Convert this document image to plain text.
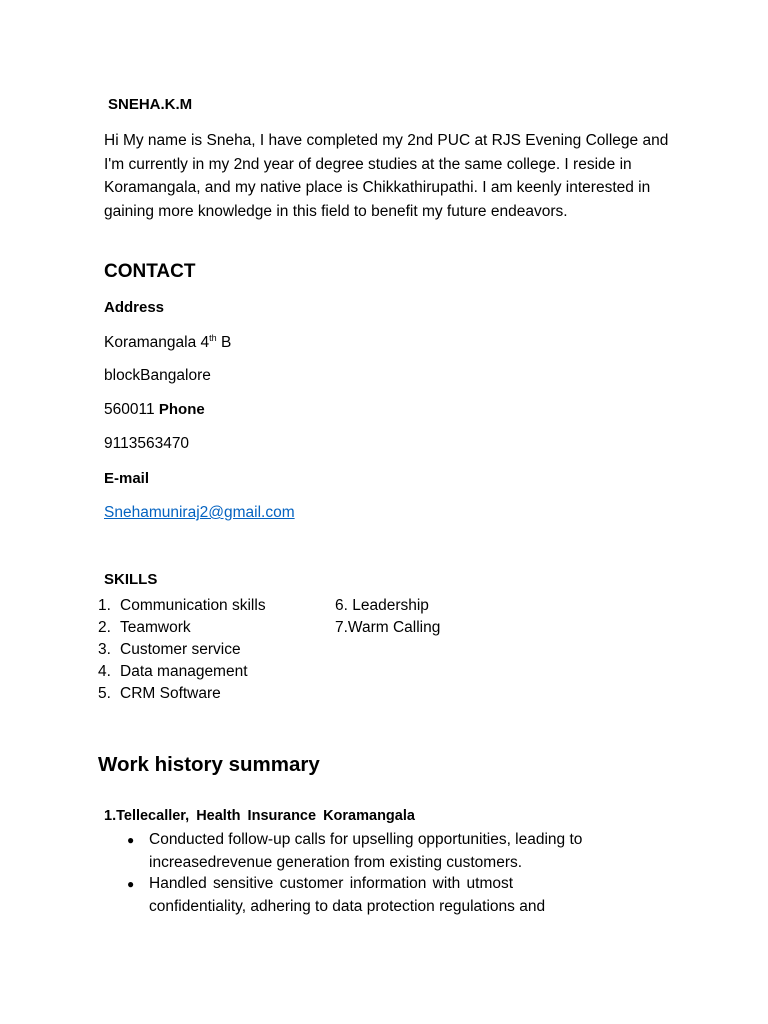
SNEHA.K.M
Hi My name is Sneha, I have completed my 2nd PUC at RJS Evening College and I'm currently in my 2nd year of degree studies at the same college. I reside in Koramangala, and my native place is Chikkathirupathi. I am keenly interested in gaining more knowledge in this field to benefit my future endeavors.
CONTACT
Address
Koramangala 4th B
blockBangalore
560011 Phone
9113563470
E-mail
Snehamuniraj2@gmail.com
SKILLS
1. Communication skills
2. Teamwork
3. Customer service
4. Data management
5. CRM Software
6. Leadership
7.Warm Calling
Work history summary
1.Tellecaller, Health Insurance Koramangala
● Conducted follow-up calls for upselling opportunities, leading to
increasedrevenue generation from existing customers.
● Handled sensitive customer information with utmost
confidentiality, adhering to data protection regulations and
